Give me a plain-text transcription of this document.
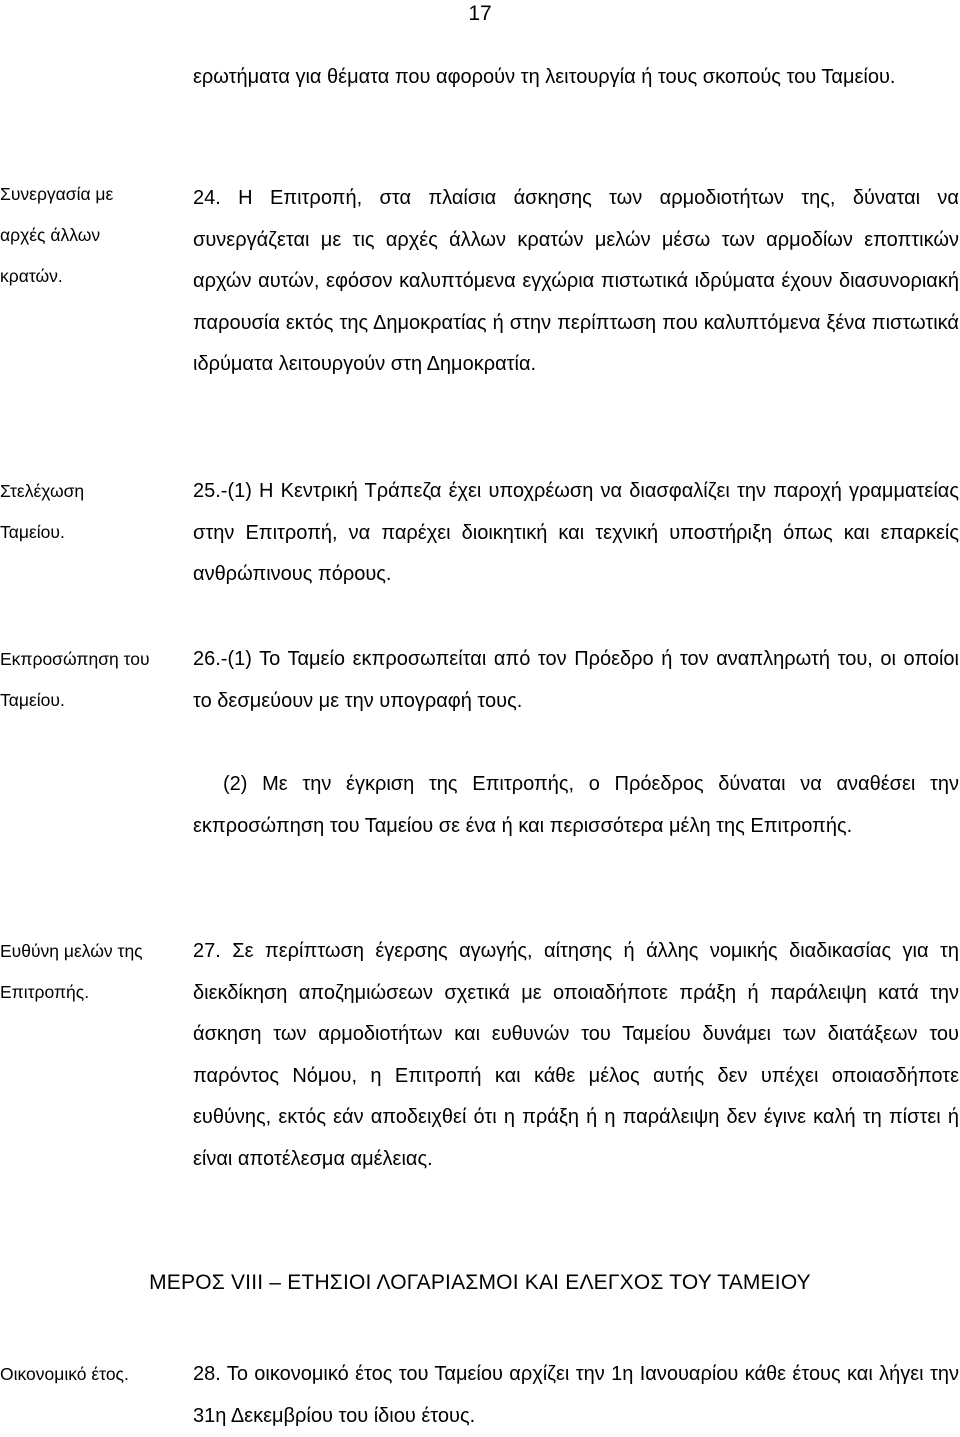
17
ερωτήματα για θέματα που αφορούν τη λειτουργία ή τους σκοπούς του Ταμείου.
Συνεργασία με αρχές άλλων κρατών.
24. Η Επιτροπή, στα πλαίσια άσκησης των αρμοδιοτήτων της, δύναται να συνεργάζεται με τις αρχές άλλων κρατών μελών μέσω των αρμοδίων εποπτικών αρχών αυτών, εφόσον καλυπτόμενα εγχώρια πιστωτικά ιδρύματα έχουν διασυνοριακή παρουσία εκτός της Δημοκρατίας ή στην περίπτωση που καλυπτόμενα ξένα πιστωτικά ιδρύματα λειτουργούν στη Δημοκρατία.
Στελέχωση Ταμείου.
25.-(1) Η Κεντρική Τράπεζα έχει υποχρέωση να διασφαλίζει την παροχή γραμματείας στην Επιτροπή, να παρέχει διοικητική και τεχνική υποστήριξη όπως και επαρκείς ανθρώπινους πόρους.
Εκπροσώπηση του Ταμείου.
26.-(1) Το Ταμείο εκπροσωπείται από τον Πρόεδρο ή τον αναπληρωτή του, οι οποίοι το δεσμεύουν με την υπογραφή τους.
(2) Με την έγκριση της Επιτροπής, ο Πρόεδρος δύναται να αναθέσει την εκπροσώπηση του Ταμείου σε ένα ή και περισσότερα μέλη της Επιτροπής.
Ευθύνη μελών της Επιτροπής.
27. Σε περίπτωση έγερσης αγωγής, αίτησης ή άλλης νομικής διαδικασίας για τη διεκδίκηση αποζημιώσεων σχετικά με οποιαδήποτε πράξη ή παράλειψη κατά την άσκηση των αρμοδιοτήτων και ευθυνών του Ταμείου δυνάμει των διατάξεων του παρόντος Νόμου, η Επιτροπή και κάθε μέλος αυτής δεν υπέχει οποιασδήποτε ευθύνης, εκτός εάν αποδειχθεί ότι η πράξη ή η παράλειψη δεν έγινε καλή τη πίστει ή είναι αποτέλεσμα αμέλειας.
ΜΕΡΟΣ VIII – ΕΤΗΣΙΟΙ ΛΟΓΑΡΙΑΣΜΟΙ ΚΑΙ ΕΛΕΓΧΟΣ ΤΟΥ ΤΑΜΕΙΟΥ
Οικονομικό έτος.	28. Το οικονομικό έτος του Ταμείου αρχίζει την 1η Ιανουαρίου κάθε έτους και λήγει την 31η Δεκεμβρίου του ίδιου έτους.
